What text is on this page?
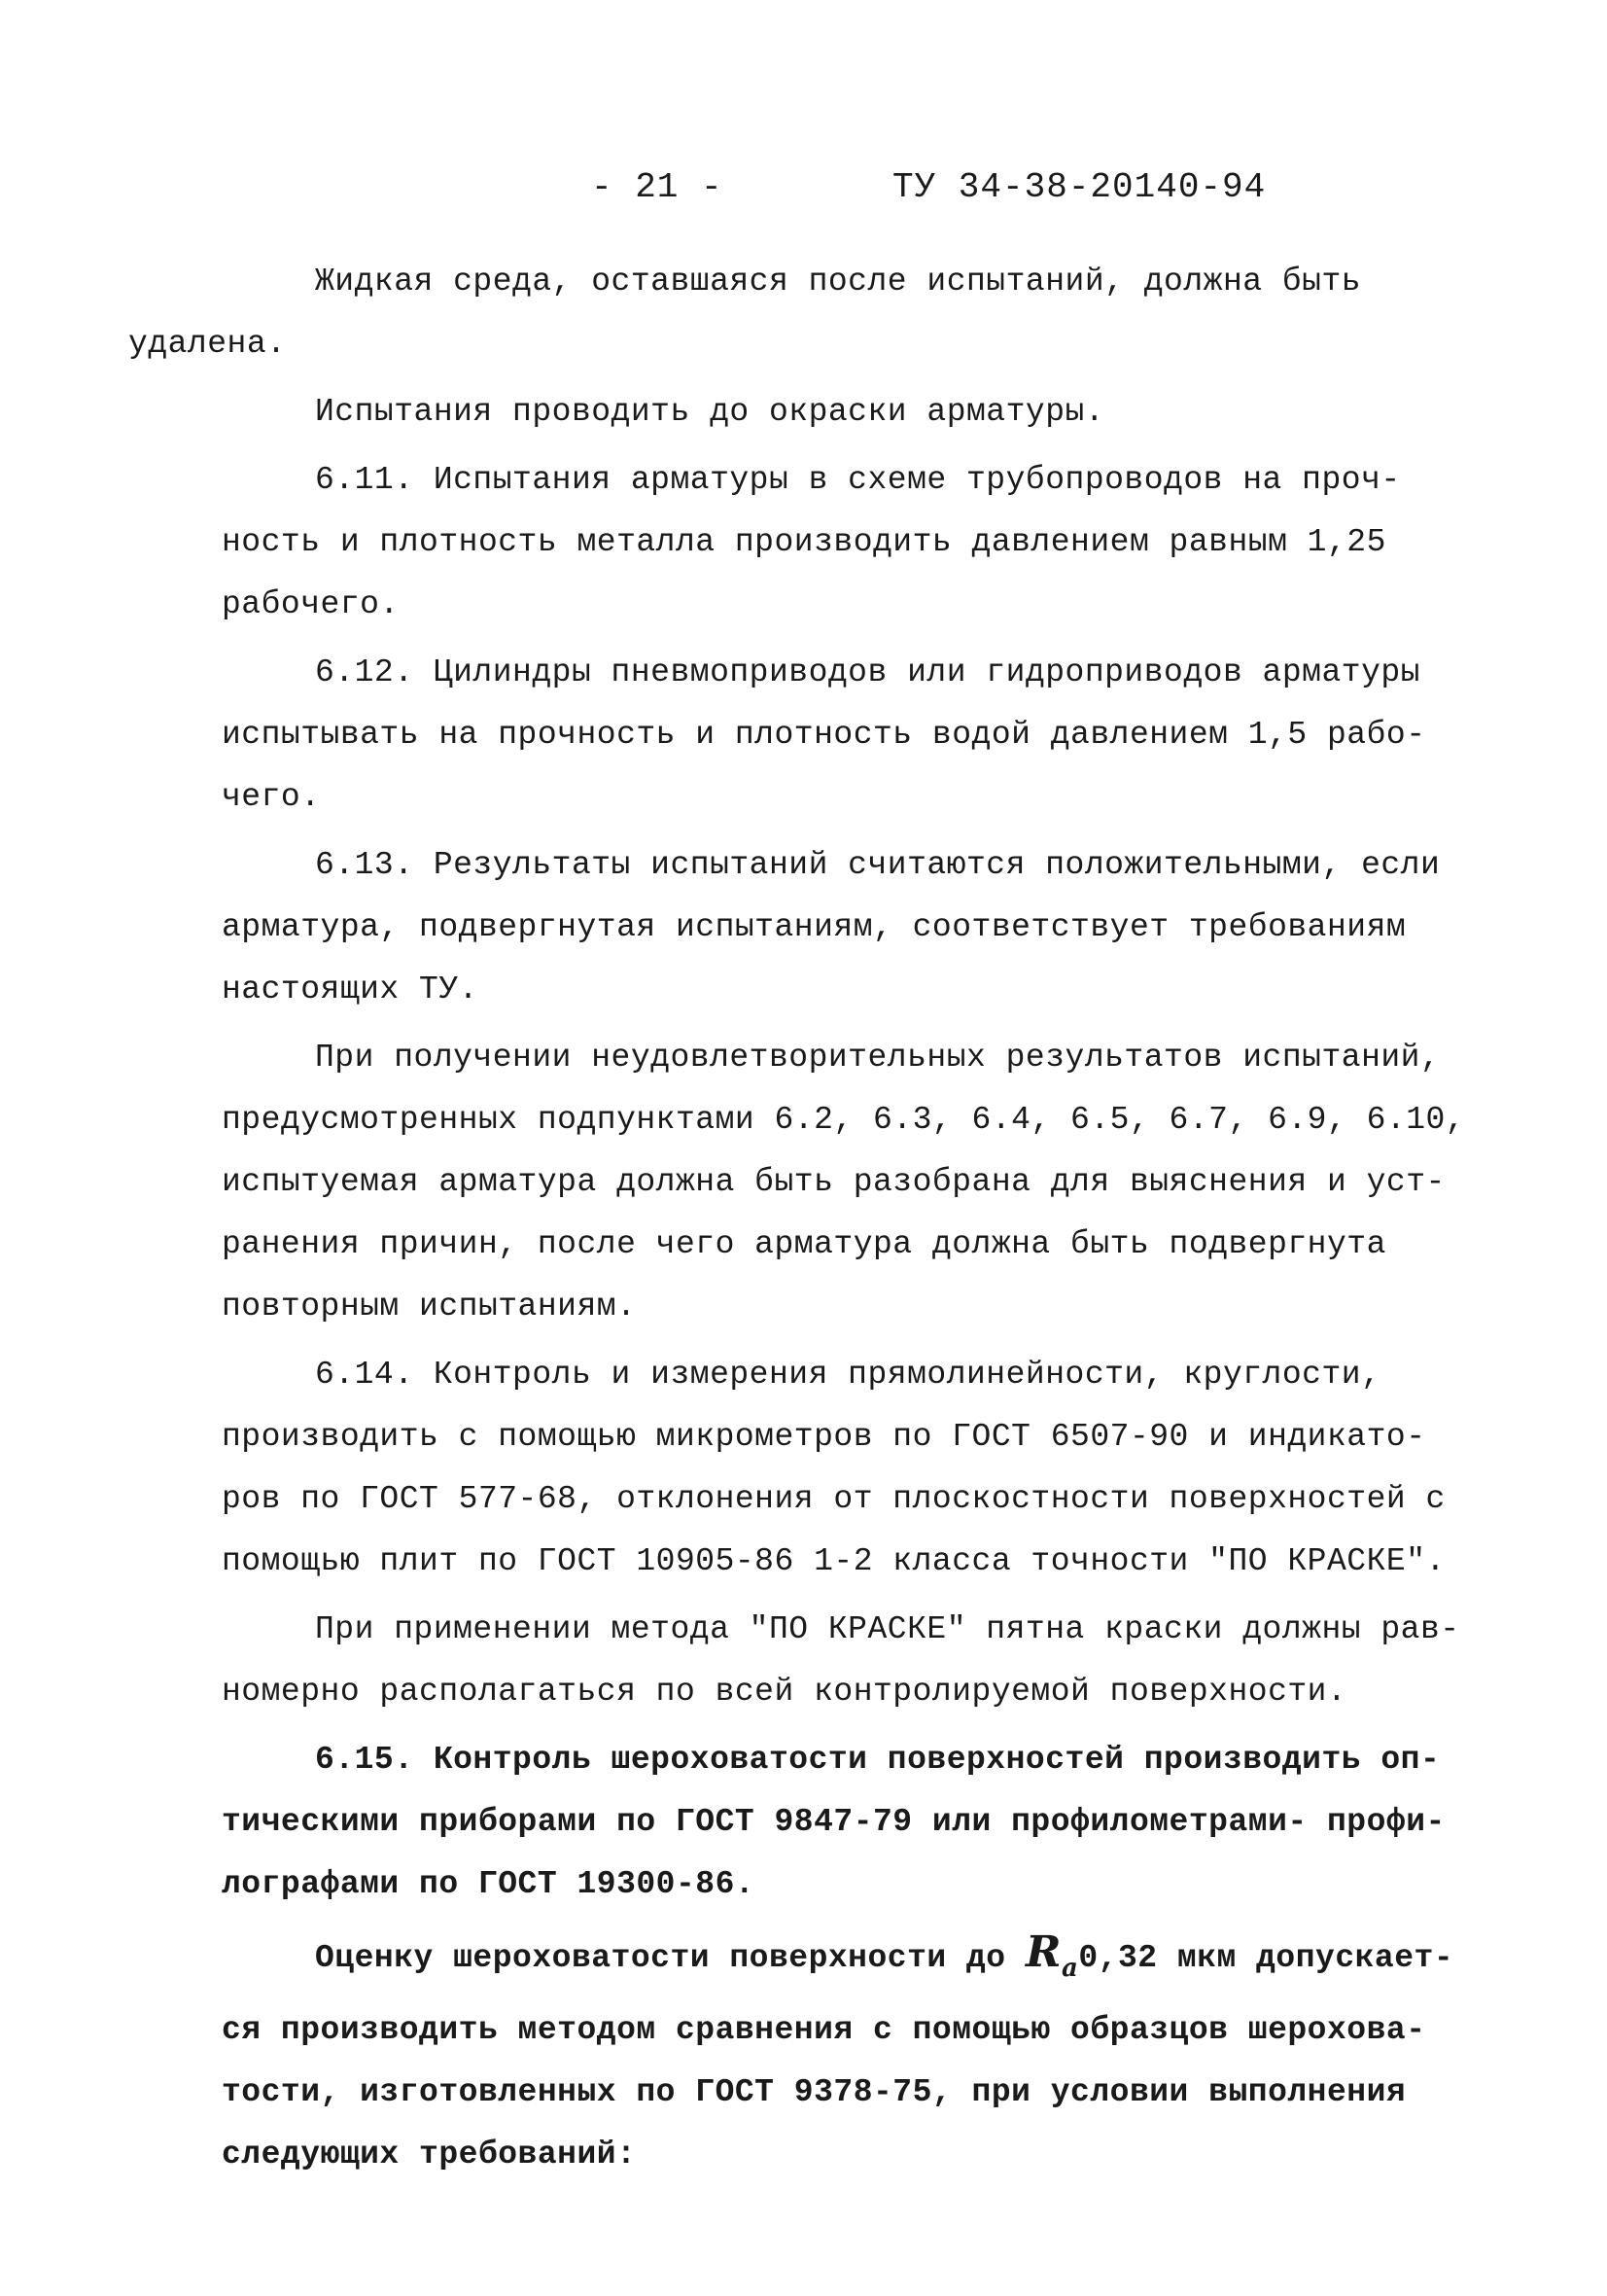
- 21 -	ТУ 34-38-20140-94
Жидкая среда, оставшаяся после испытаний, должна быть
удалена.
Испытания проводить до окраски арматуры.
6.11. Испытания арматуры в схеме трубопроводов на проч-
ность и плотность металла производить давлением равным 1,25
рабочего.
6.12. Цилиндры пневмоприводов или гидроприводов арматуры
испытывать на прочность и плотность водой давлением 1,5 рабо-
чего.
6.13. Результаты испытаний считаются положительными, если
арматура, подвергнутая испытаниям, соответствует требованиям
настоящих ТУ.
При получении неудовлетворительных результатов испытаний,
предусмотренных подпунктами 6.2, 6.3, 6.4, 6.5, 6.7, 6.9, 6.10,
испытуемая арматура должна быть разобрана для выяснения и уст-
ранения причин, после чего арматура должна быть подвергнута
повторным испытаниям.
6.14. Контроль и измерения прямолинейности, круглости,
производить с помощью микрометров по ГОСТ 6507-90 и индикато-
ров по ГОСТ 577-68, отклонения от плоскостности поверхностей с
помощью плит по ГОСТ 10905-86 1-2 класса точности "ПО КРАСКЕ".
При применении метода "ПО КРАСКЕ" пятна краски должны рав-
номерно располагаться по всей контролируемой поверхности.
6.15. Контроль шероховатости поверхностей производить оп-
тическими приборами по ГОСТ 9847-79 или профилометрами- профи-
лографами по ГОСТ 19300-86.
Оценку шероховатости поверхности до $R_a0,32$ мкм допускает-
ся производить методом сравнения с помощью образцов шерохова-
тости, изготовленных по ГОСТ 9378-75, при условии выполнения
следующих требований:
